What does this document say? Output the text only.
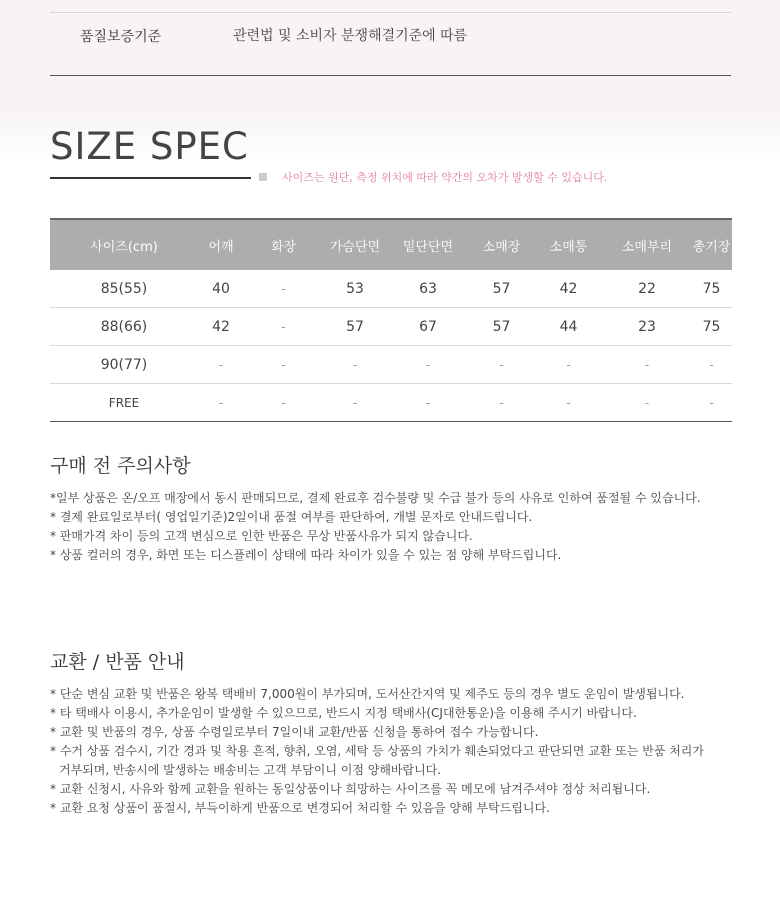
품질보증기준	관련법 및 소비자 분쟁해결기준에 따름
SIZE SPEC
사이즈는 원단, 측정 위치에 따라 약간의 오차가 발생할 수 있습니다.
사이즈(cm)	어깨	화장	가슴단면	밑단단면	소매장	소매통	소매부리	총기장
85(55)	40	-	53	63	57	42	22	75
88(66)	42	-	57	67	57	44	23	75
90(77)	-	-	-	-	-	-	-	-
FREE	-	-	-	-	-	-	-	-
구매 전 주의사항
*일부 상품은 온/오프 매장에서 동시 판매되므로, 결제 완료후 검수불량 및 수급 불가 등의 사유로 인하여 품절될 수 있습니다.
* 결제 완료일로부터( 영업일기준)2일이내 품절 여부를 판단하여, 개별 문자로 안내드립니다.
* 판매가격 차이 등의 고객 변심으로 인한 반품은 무상 반품사유가 되지 않습니다.
* 상품 컬러의 경우, 화면 또는 디스플레이 상태에 따라 차이가 있을 수 있는 점 양해 부탁드립니다.
교환 / 반품 안내
* 단순 변심 교환 및 반품은 왕복 택배비 7,000원이 부가되며, 도서산간지역 및 제주도 등의 경우 별도 운임이 발생됩니다.
* 타 택배사 이용시, 추가운임이 발생할 수 있으므로, 반드시 지정 택배사(CJ대한통운)을 이용해 주시기 바랍니다.
* 교환 및 반품의 경우, 상품 수령일로부터 7일이내 교환/반품 신청을 통하여 접수 가능합니다.
* 수거 상품 검수시, 기간 경과 및 착용 흔적, 향취, 오염, 세탁 등 상품의 가치가 훼손되었다고 판단되면 교환 또는 반품 처리가
거부되며, 반송시에 발생하는 배송비는 고객 부담이니 이점 양해바랍니다.
* 교환 신청시, 사유와 함께 교환을 원하는 동일상품이나 희망하는 사이즈를 꼭 메모에 남겨주셔야 정상 처리됩니다.
* 교환 요청 상품이 품절시, 부득이하게 반품으로 변경되어 처리할 수 있음을 양해 부탁드립니다.
